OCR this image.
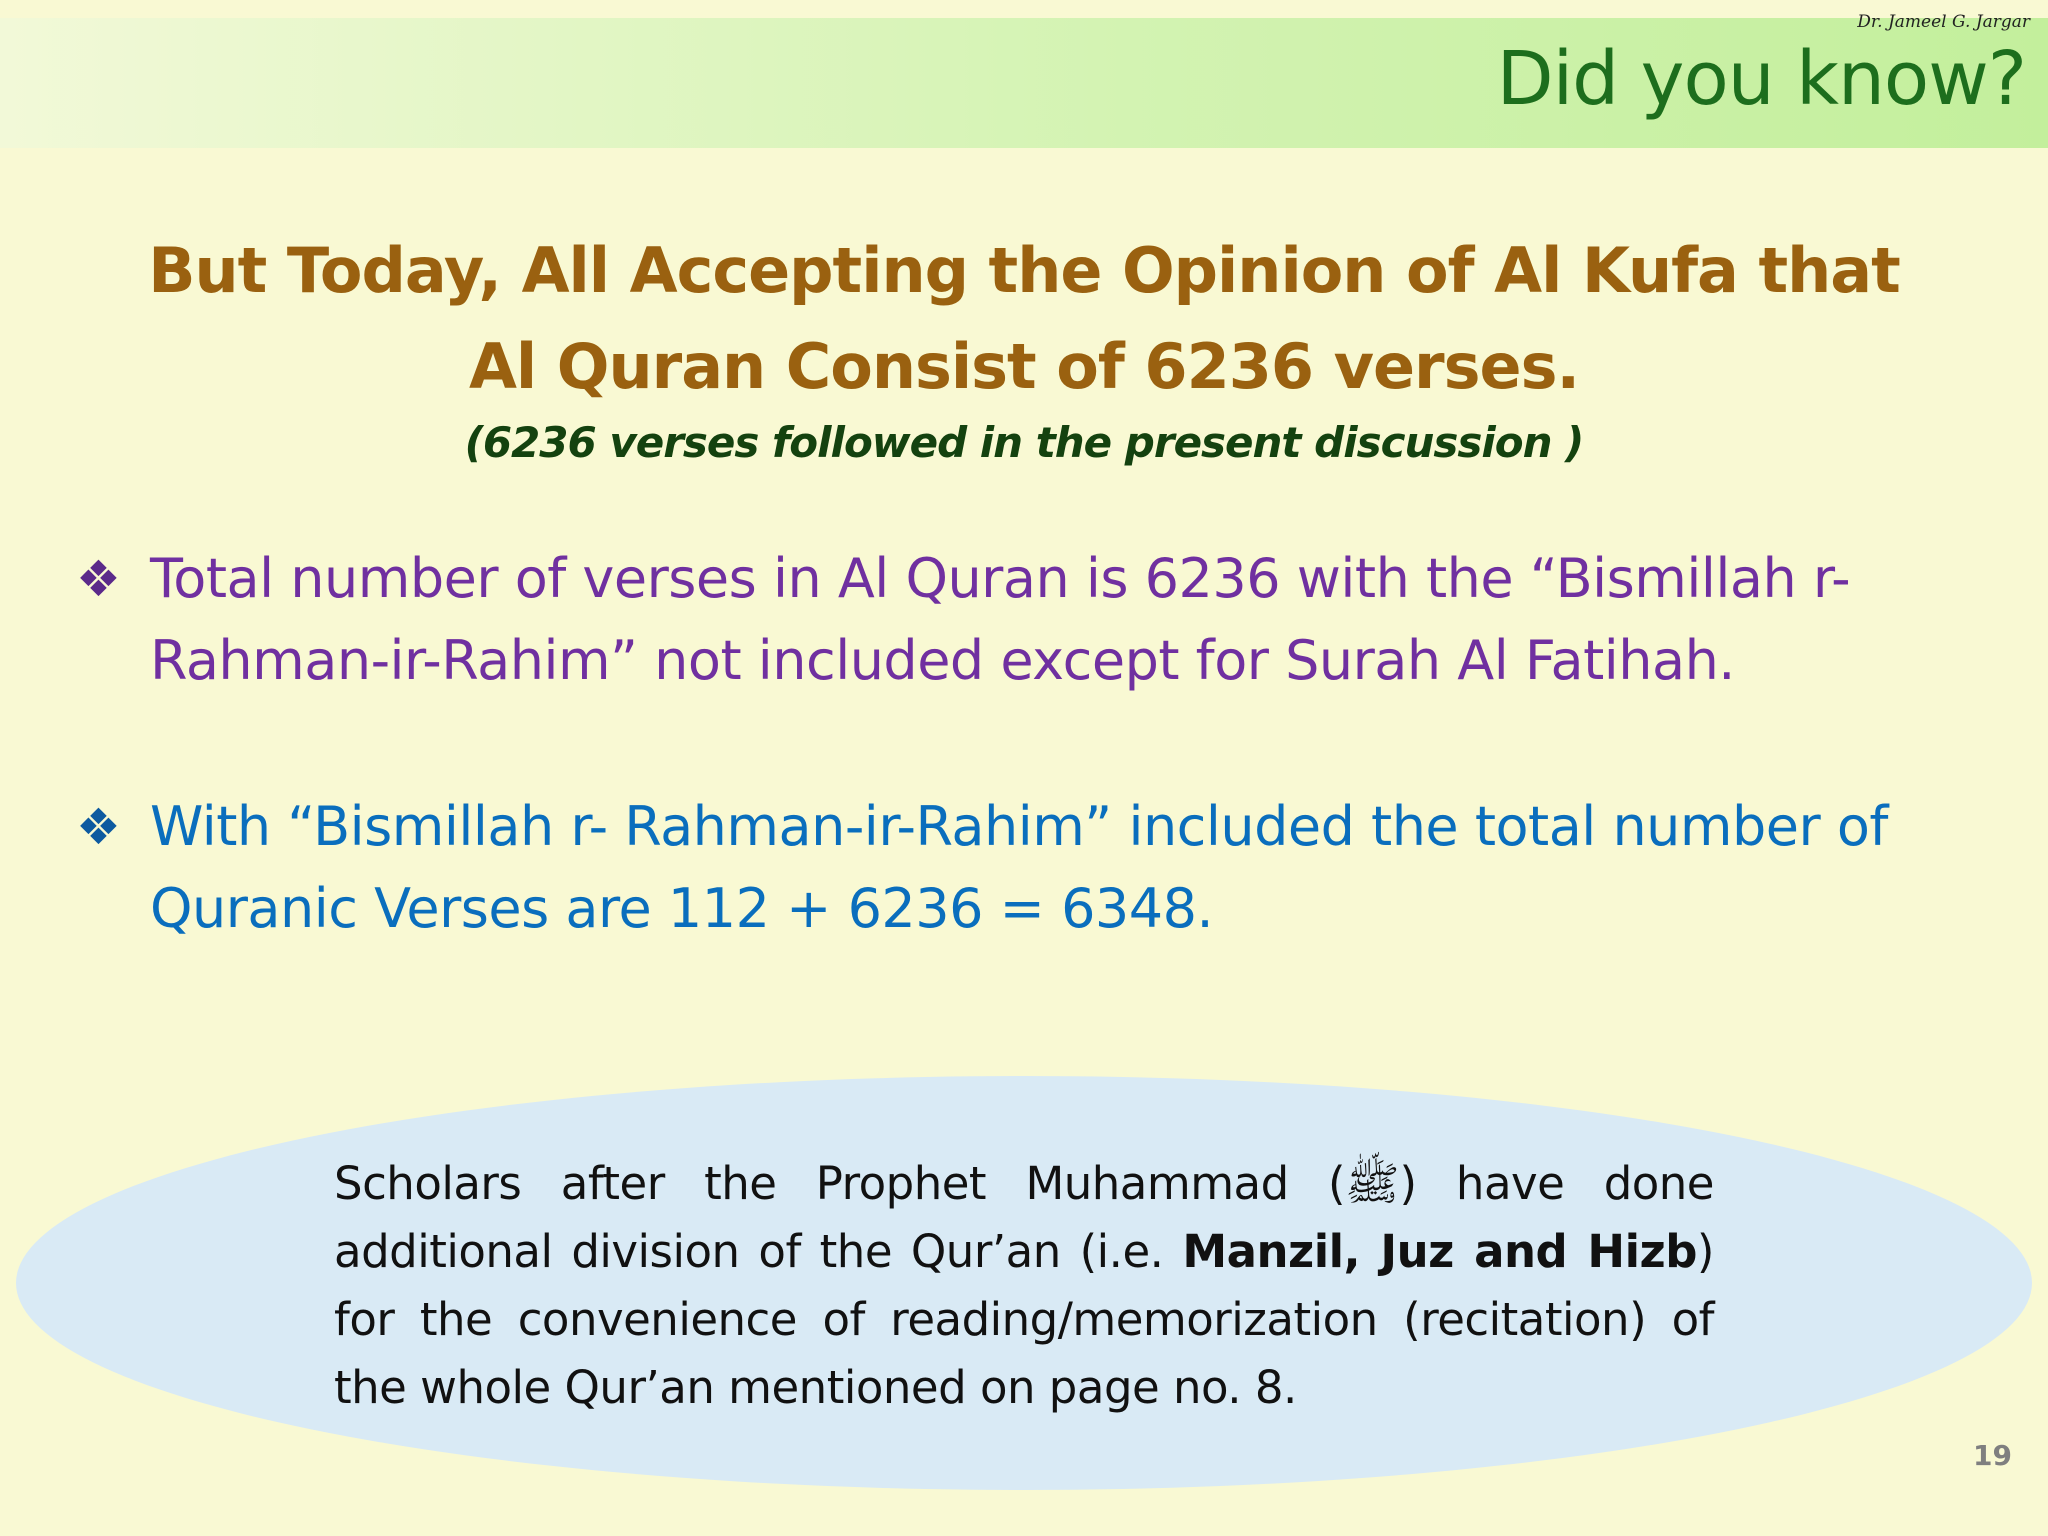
Dr. Jameel G. Jargar
Did you know?
But Today, All Accepting the Opinion of Al Kufa that
Al Quran Consist of 6236 verses.
(6236 verses followed in the present discussion )
❖ Total number of verses in Al Quran is 6236 with the “Bismillah r-Rahman-ir-Rahim” not included except for Surah Al Fatihah.
❖ With “Bismillah r- Rahman-ir-Rahim” included the total number of Quranic Verses are 112 + 6236 = 6348.
Scholars after the Prophet Muhammad (ﷺ) have done additional division of the Qur’an (i.e. Manzil, Juz and Hizb) for the convenience of reading/memorization (recitation) of the whole Qur’an mentioned on page no. 8.
19
